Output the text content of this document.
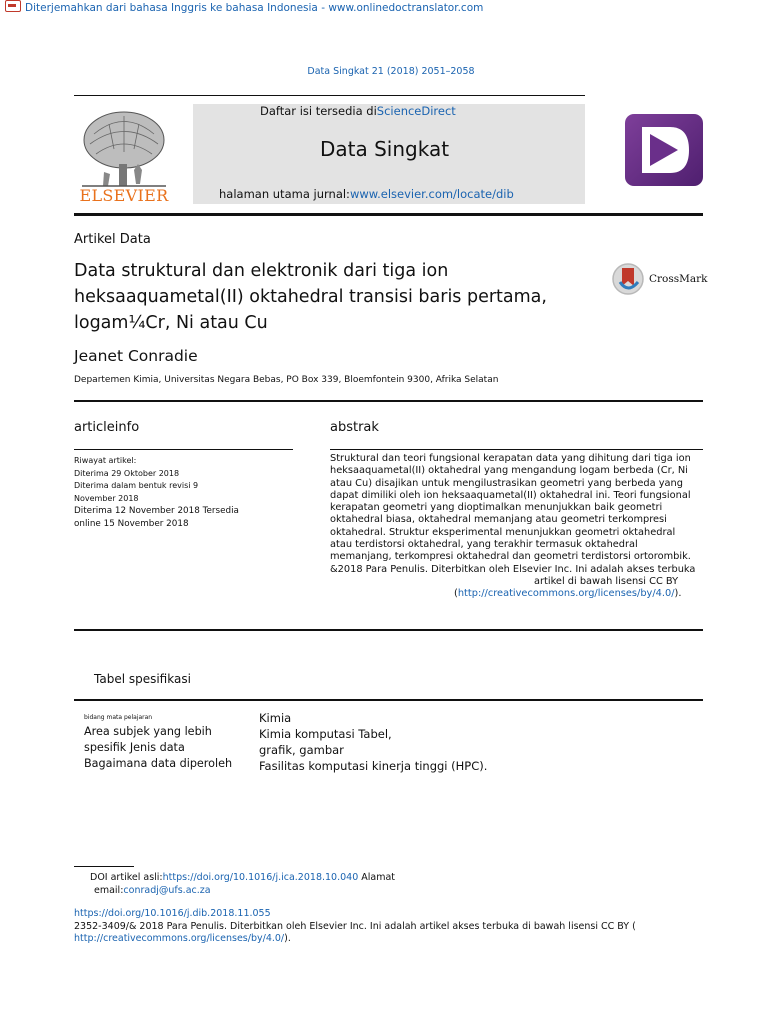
Diterjemahkan dari bahasa Inggris ke bahasa Indonesia - www.onlinedoctranslator.com
Data Singkat 21 (2018) 2051–2058
ELSEVIER
Daftar isi tersedia diScienceDirect
Data Singkat
halaman utama jurnal:www.elsevier.com/locate/dib
Artikel Data
Data struktural dan elektronik dari tiga ion
heksaaquametal(II) oktahedral transisi baris pertama,
logam¼Cr, Ni atau Cu
CrossMark
Jeanet Conradie
Departemen Kimia, Universitas Negara Bebas, PO Box 339, Bloemfontein 9300, Afrika Selatan
articleinfo	abstrak
Riwayat artikel:
Diterima 29 Oktober 2018
Diterima dalam bentuk revisi 9
November 2018
Diterima 12 November 2018 Tersedia
online 15 November 2018
Struktural dan teori fungsional kerapatan data yang dihitung dari tiga ion
heksaaquametal(II) oktahedral yang mengandung logam berbeda (Cr, Ni
atau Cu) disajikan untuk mengilustrasikan geometri yang berbeda yang
dapat dimiliki oleh ion heksaaquametal(II) oktahedral ini. Teori fungsional
kerapatan geometri yang dioptimalkan menunjukkan baik geometri
oktahedral biasa, oktahedral memanjang atau geometri terkompresi
oktahedral. Struktur eksperimental menunjukkan geometri oktahedral
atau terdistorsi oktahedral, yang terakhir termasuk oktahedral
memanjang, terkompresi oktahedral dan geometri terdistorsi ortorombik.
&2018 Para Penulis. Diterbitkan oleh Elsevier Inc. Ini adalah akses terbuka
artikel di bawah lisensi CC BY
(http://creativecommons.org/licenses/by/4.0/).
Tabel spesifikasi
bidang mata pelajaran
Area subjek yang lebih
spesifik Jenis data
Bagaimana data diperoleh
Kimia
Kimia komputasi Tabel,
grafik, gambar
Fasilitas komputasi kinerja tinggi (HPC).
DOI artikel asli:https://doi.org/10.1016/j.ica.2018.10.040 Alamat
email:conradj@ufs.ac.za
https://doi.org/10.1016/j.dib.2018.11.055
2352-3409/& 2018 Para Penulis. Diterbitkan oleh Elsevier Inc. Ini adalah artikel akses terbuka di bawah lisensi CC BY (
http://creativecommons.org/licenses/by/4.0/).
